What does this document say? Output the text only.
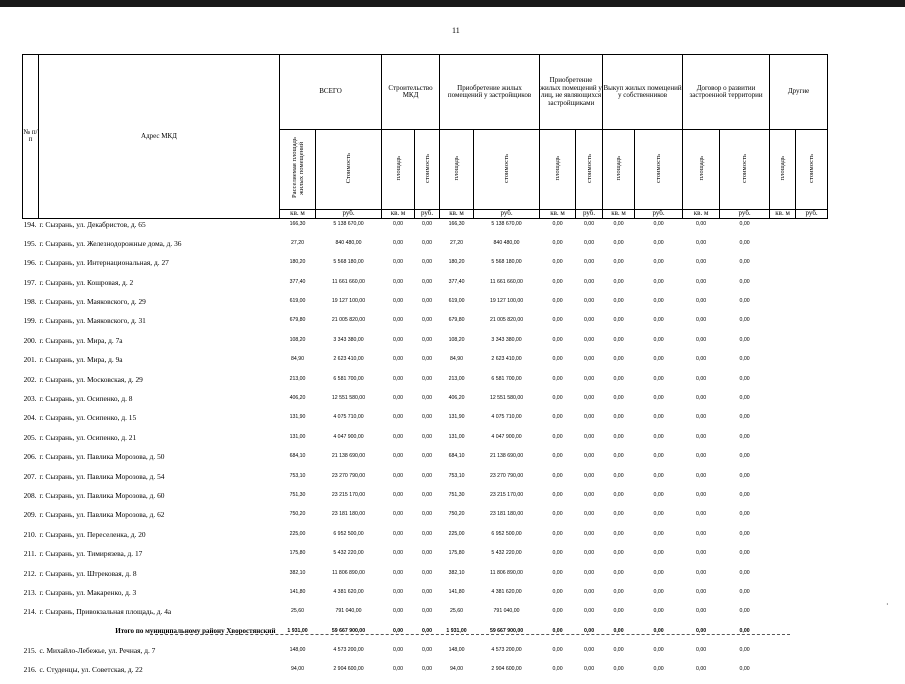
11
№ п/п	Адрес МКД	ВСЕГО		Строительство МКД		Приобретение жилых помещений у застройщиков		Приобретение жилых помещений у лиц, не являющихся застройщиками		Выкуп жилых помещений у собственников		Договор о развитии застроенной территории		Другие	
		Расселяемая площадь жилых помещений	Стоимость	площадь	стоимость	площадь	стоимость	площадь	стоимость	площадь	стоимость	площадь	стоимость	площадь	стоимость
		кв. м	руб.	кв. м	руб.	кв. м	руб.	кв. м	руб.	кв. м	руб.	кв. м	руб.	кв. м	руб.
194. г. Сызрань, ул. Декабристов, д. 65		166,30	5 138 670,00	0,00	0,00	166,30	5 138 670,00	0,00	0,00	0,00	0,00	0,00	0,00		
195. г. Сызрань, ул. Железнодорожные дома, д. 36		27,20	840 480,00	0,00	0,00	27,20	840 480,00	0,00	0,00	0,00	0,00	0,00	0,00		
196. г. Сызрань, ул. Интернациональная, д. 27		180,20	5 568 180,00	0,00	0,00	180,20	5 568 180,00	0,00	0,00	0,00	0,00	0,00	0,00		
197. г. Сызрань, ул. Кошровая, д. 2		377,40	11 661 660,00	0,00	0,00	377,40	11 661 660,00	0,00	0,00	0,00	0,00	0,00	0,00		
198. г. Сызрань, ул. Маяковского, д. 29		619,00	19 127 100,00	0,00	0,00	619,00	19 127 100,00	0,00	0,00	0,00	0,00	0,00	0,00		
199. г. Сызрань, ул. Маяковского, д. 31		679,80	21 005 820,00	0,00	0,00	679,80	21 005 820,00	0,00	0,00	0,00	0,00	0,00	0,00		
200. г. Сызрань, ул. Мира, д. 7а		108,20	3 343 380,00	0,00	0,00	108,20	3 343 380,00	0,00	0,00	0,00	0,00	0,00	0,00		
201. г. Сызрань, ул. Мира, д. 9а		84,90	2 623 410,00	0,00	0,00	84,90	2 623 410,00	0,00	0,00	0,00	0,00	0,00	0,00		
202. г. Сызрань, ул. Московская, д. 29		213,00	6 581 700,00	0,00	0,00	213,00	6 581 700,00	0,00	0,00	0,00	0,00	0,00	0,00		
203. г. Сызрань, ул. Осипенко, д. 8		406,20	12 551 580,00	0,00	0,00	406,20	12 551 580,00	0,00	0,00	0,00	0,00	0,00	0,00		
204. г. Сызрань, ул. Осипенко, д. 15		131,90	4 075 710,00	0,00	0,00	131,90	4 075 710,00	0,00	0,00	0,00	0,00	0,00	0,00		
205. г. Сызрань, ул. Осипенко, д. 21		131,00	4 047 900,00	0,00	0,00	131,00	4 047 900,00	0,00	0,00	0,00	0,00	0,00	0,00		
206. г. Сызрань, ул. Павлика Морозова, д. 50		684,10	21 138 690,00	0,00	0,00	684,10	21 138 690,00	0,00	0,00	0,00	0,00	0,00	0,00		
207. г. Сызрань, ул. Павлика Морозова, д. 54		753,10	23 270 790,00	0,00	0,00	753,10	23 270 790,00	0,00	0,00	0,00	0,00	0,00	0,00		
208. г. Сызрань, ул. Павлика Морозова, д. 60		751,30	23 215 170,00	0,00	0,00	751,30	23 215 170,00	0,00	0,00	0,00	0,00	0,00	0,00		
209. г. Сызрань, ул. Павлика Морозова, д. 62		750,20	23 181 180,00	0,00	0,00	750,20	23 181 180,00	0,00	0,00	0,00	0,00	0,00	0,00		
210. г. Сызрань, ул. Переселенка, д. 20		225,00	6 952 500,00	0,00	0,00	225,00	6 952 500,00	0,00	0,00	0,00	0,00	0,00	0,00		
211. г. Сызрань, ул. Тимирязева, д. 17		175,80	5 432 220,00	0,00	0,00	175,80	5 432 220,00	0,00	0,00	0,00	0,00	0,00	0,00		
212. г. Сызрань, ул. Штрековая, д. 8		382,10	11 806 890,00	0,00	0,00	382,10	11 806 890,00	0,00	0,00	0,00	0,00	0,00	0,00		
213. г. Сызрань, ул. Макаренко, д. 3		141,80	4 381 620,00	0,00	0,00	141,80	4 381 620,00	0,00	0,00	0,00	0,00	0,00	0,00		
214. г. Сызрань, Привокзальная площадь, д. 4а		25,60	791 040,00	0,00	0,00	25,60	791 040,00	0,00	0,00	0,00	0,00	0,00	0,00		
Итого по муниципальному району Хворостянский		1 931,00	59 667 900,00	0,00	0,00	1 931,00	59 667 900,00	0,00	0,00	0,00	0,00	0,00	0,00		
215. с. Михайло-Лебежье, ул. Речная, д. 7		148,00	4 573 200,00	0,00	0,00	148,00	4 573 200,00	0,00	0,00	0,00	0,00	0,00	0,00		
216. с. Студенцы, ул. Советская, д. 22		94,00	2 904 600,00	0,00	0,00	94,00	2 904 600,00	0,00	0,00	0,00	0,00	0,00	0,00		
·
